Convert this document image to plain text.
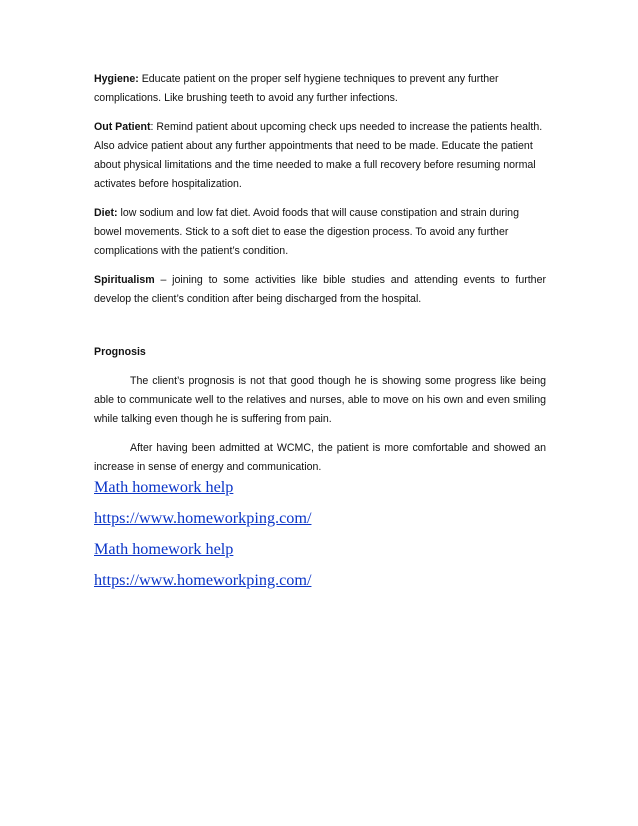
Hygiene: Educate patient on the proper self hygiene techniques to prevent any further complications. Like brushing teeth to avoid any further infections.

Out Patient: Remind patient about upcoming check ups needed to increase the patients health. Also advice patient about any further appointments that need to be made. Educate the patient about physical limitations and the time needed to make a full recovery before resuming normal activates before hospitalization.

Diet: low sodium and low fat diet. Avoid foods that will cause constipation and strain during bowel movements. Stick to a soft diet to ease the digestion process. To avoid any further complications with the patient’s condition.

Spiritualism – joining to some activities like bible studies and attending events to further develop the client’s condition after being discharged from the hospital.

Prognosis

The client’s prognosis is not that good though he is showing some progress like being able to communicate well to the relatives and nurses, able to move on his own and even smiling while talking even though he is suffering from pain.

After having been admitted at WCMC, the patient is more comfortable and showed an increase in sense of energy and communication.

Math homework help
https://www.homeworkping.com/
Math homework help
https://www.homeworkping.com/
